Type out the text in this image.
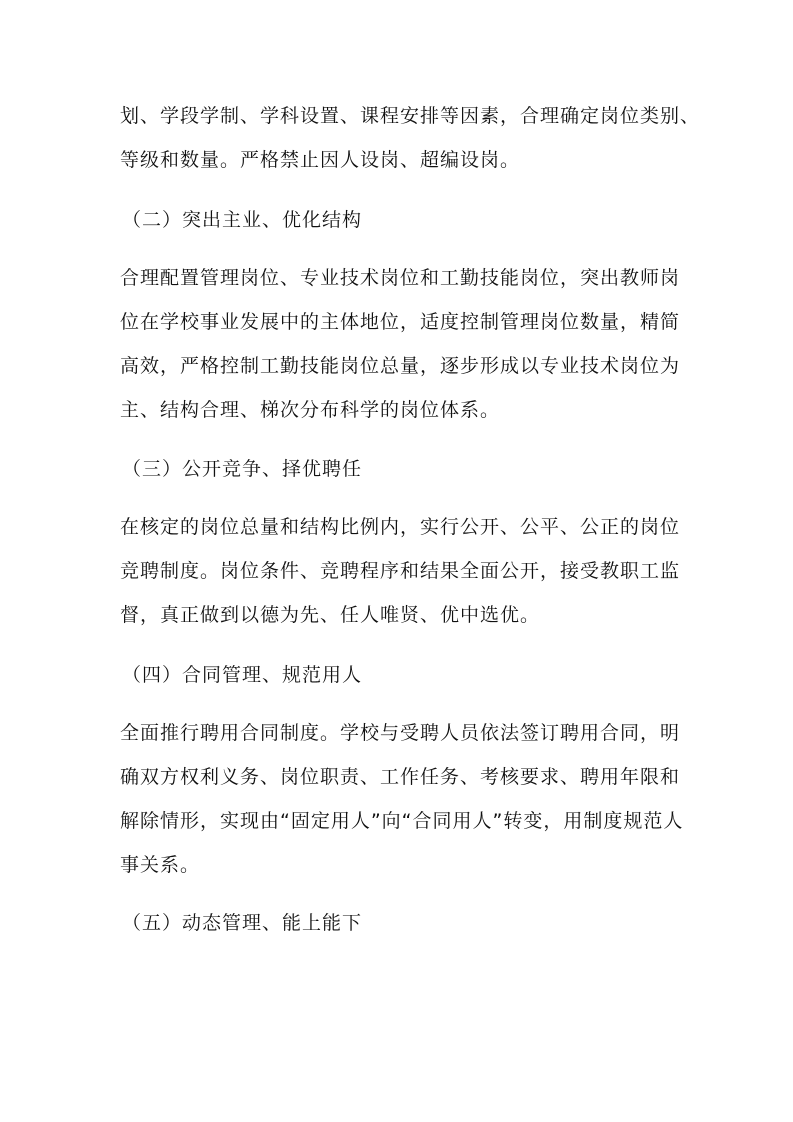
划、学段学制、学科设置、课程安排等因素，合理确定岗位类别、
等级和数量。严格禁止因人设岗、超编设岗。
（二）突出主业、优化结构
合理配置管理岗位、专业技术岗位和工勤技能岗位，突出教师岗
位在学校事业发展中的主体地位，适度控制管理岗位数量，精简
高效，严格控制工勤技能岗位总量，逐步形成以专业技术岗位为
主、结构合理、梯次分布科学的岗位体系。
（三）公开竞争、择优聘任
在核定的岗位总量和结构比例内，实行公开、公平、公正的岗位
竞聘制度。岗位条件、竞聘程序和结果全面公开，接受教职工监
督，真正做到以德为先、任人唯贤、优中选优。
（四）合同管理、规范用人
全面推行聘用合同制度。学校与受聘人员依法签订聘用合同，明
确双方权利义务、岗位职责、工作任务、考核要求、聘用年限和
解除情形，实现由“固定用人”向“合同用人”转变，用制度规范人
事关系。
（五）动态管理、能上能下
